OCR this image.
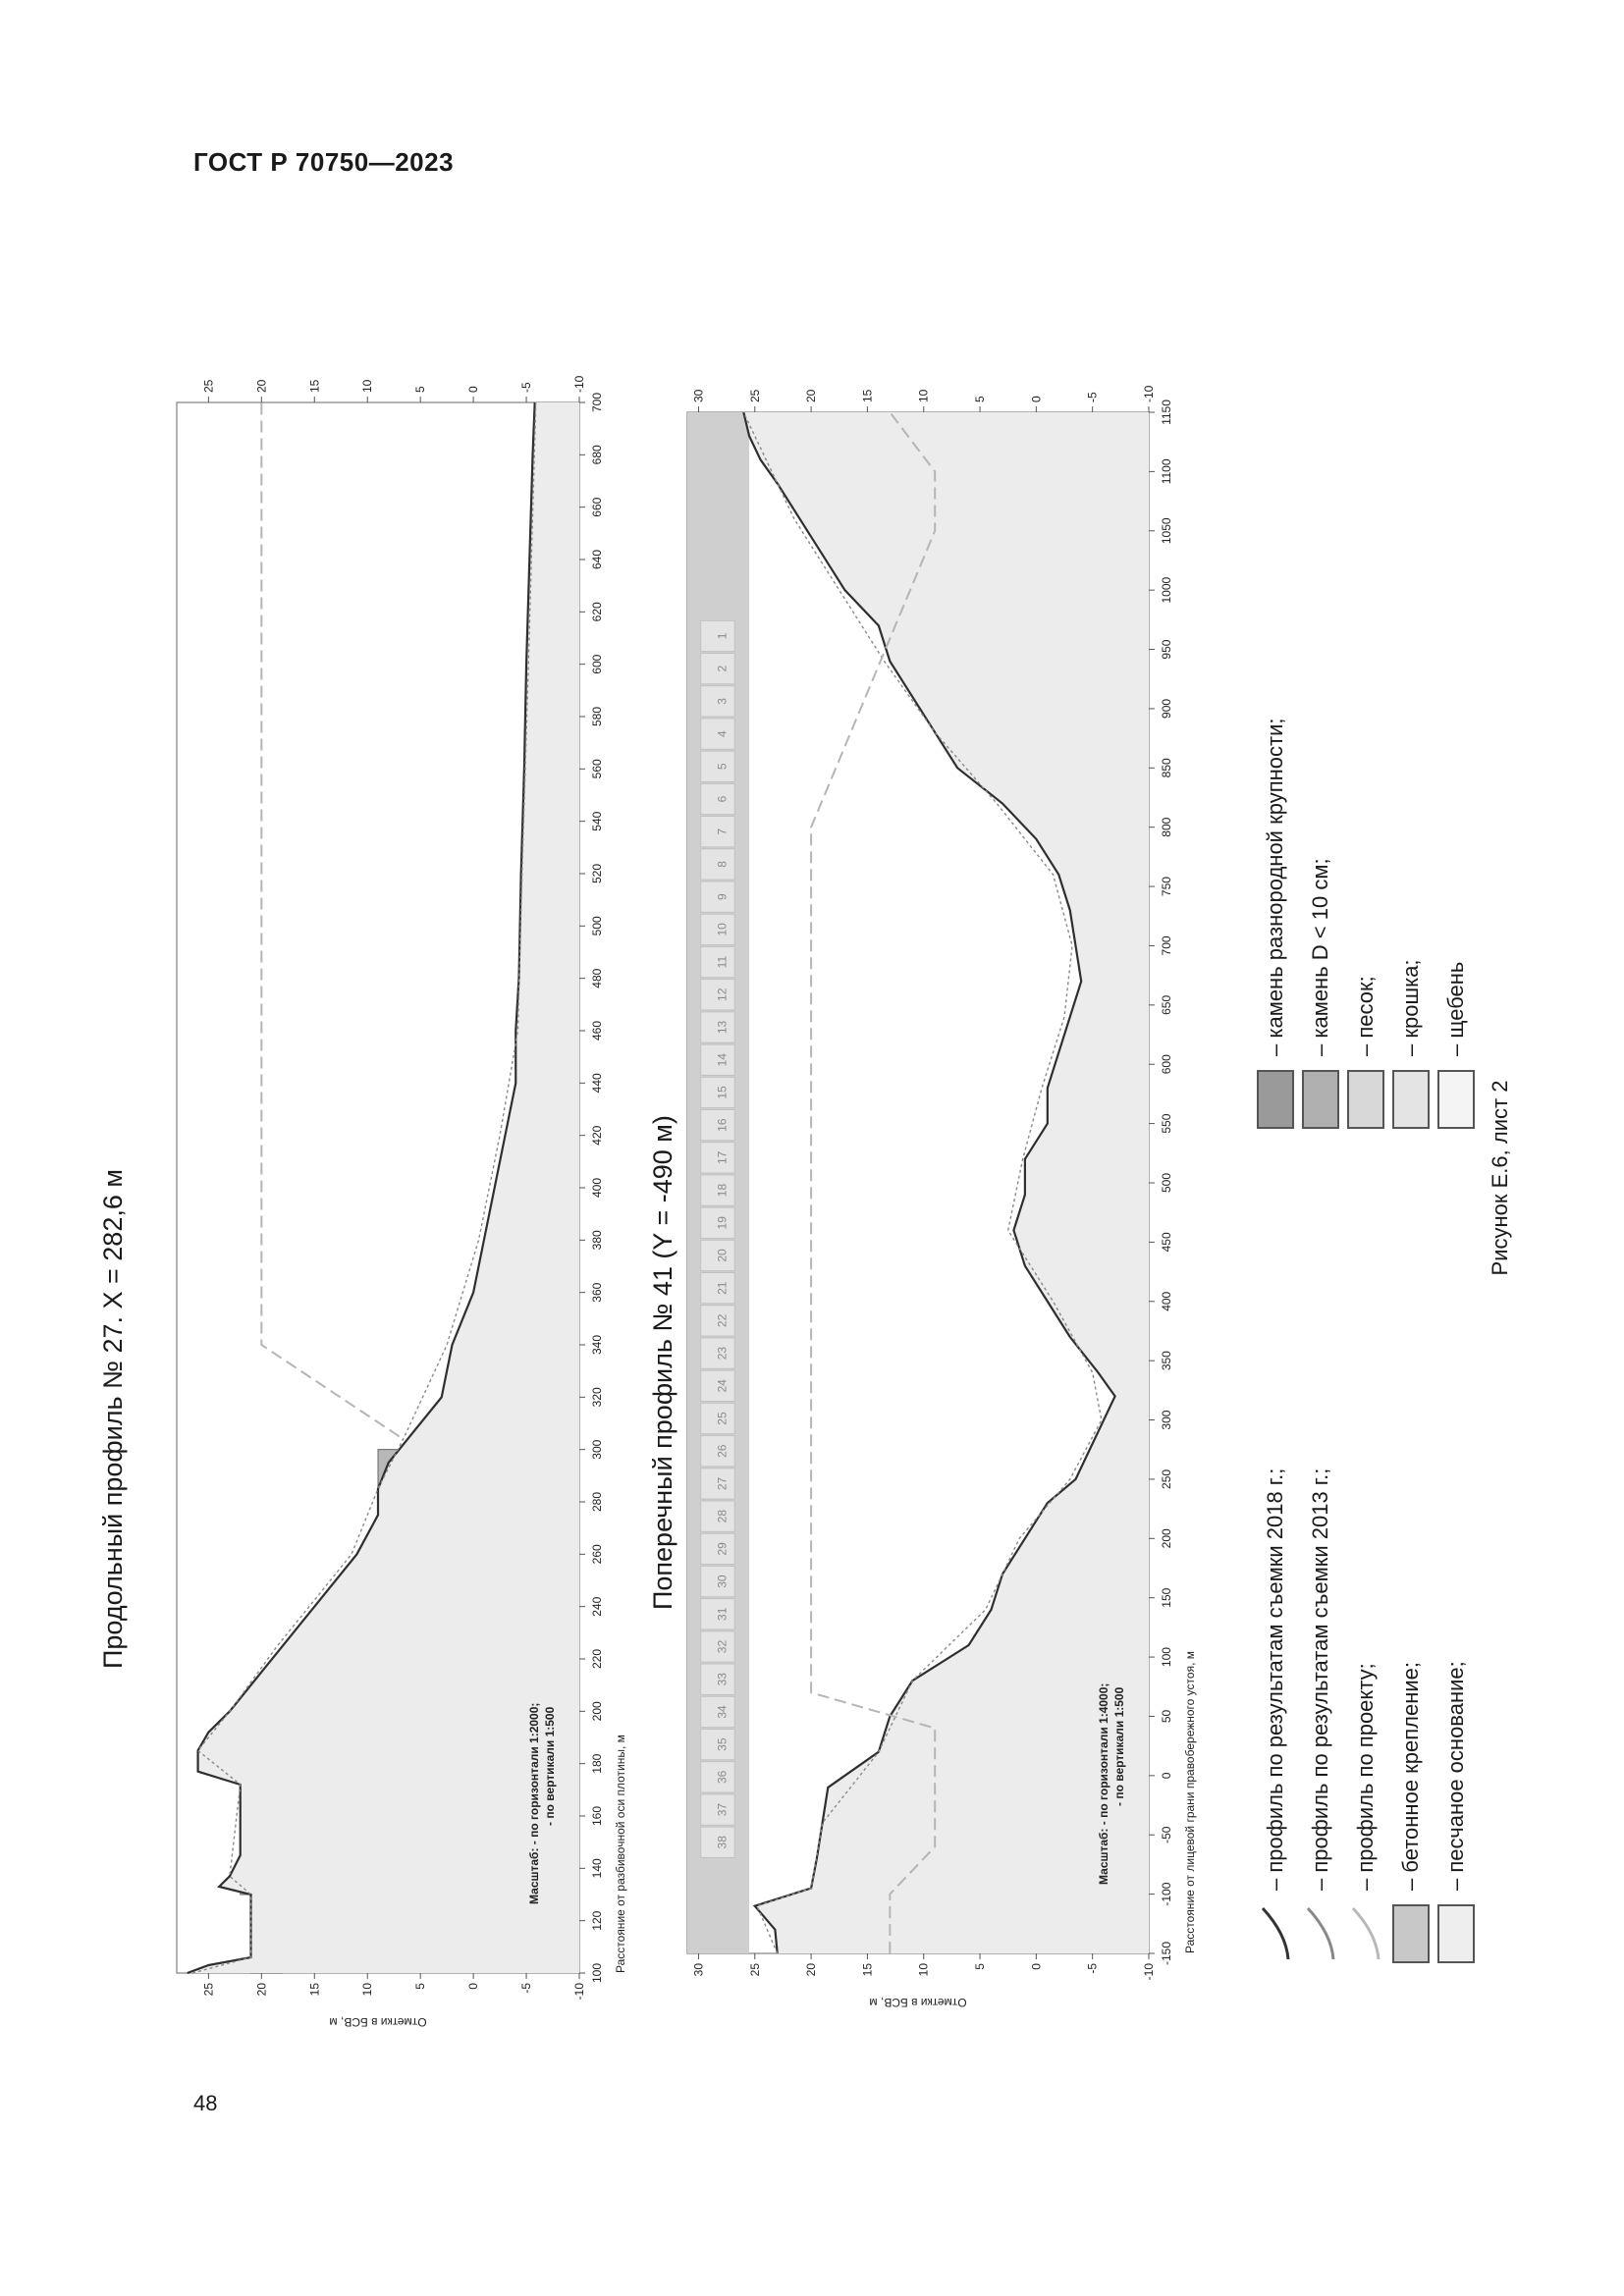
ГОСТ Р 70750—2023
48
Продольный профиль № 27. X = 282,6 м
100
120
140
160
180
200
220
240
260
280
300
320
340
360
380
400
420
440
460
480
500
520
540
560
580
600
620
640
660
680
700
25
25
20
20
15
15
10
10
5
5
0
0
-5
-5
-10
-10
Расстояние от разбивочной оси плотины, м
Отметки в БСВ, м
Масштаб: - по горизонтали 1:2000; - по вертикали 1:500
Поперечный профиль № 41 (Y = -490 м)
38
37
36
35
34
33
32
31
30
29
28
27
26
25
24
23
22
21
20
19
18
17
16
15
14
13
12
11
10
9
8
7
6
5
4
3
2
1
-150
-100
-50
0
50
100
150
200
250
300
350
400
450
500
550
600
650
700
750
800
850
900
950
1000
1050
1100
1150
30
30
25
25
20
20
15
15
10
10
5
5
0
0
-5
-5
-10
-10
Расстояние от лицевой грани правобережного устоя, м
Отметки в БСВ, м
Масштаб: - по горизонтали 1:4000; - по вертикали 1:500	– профиль по результатам съемки 2018 г.; – профиль по результатам съемки 2013 г.; – профиль по проекту; – бетонное крепление; – песчаное основание;
– камень разнородной крупности; – камень D < 10 см; – песок; – крошка; – щебень
Рисунок Е.6, лист 2
